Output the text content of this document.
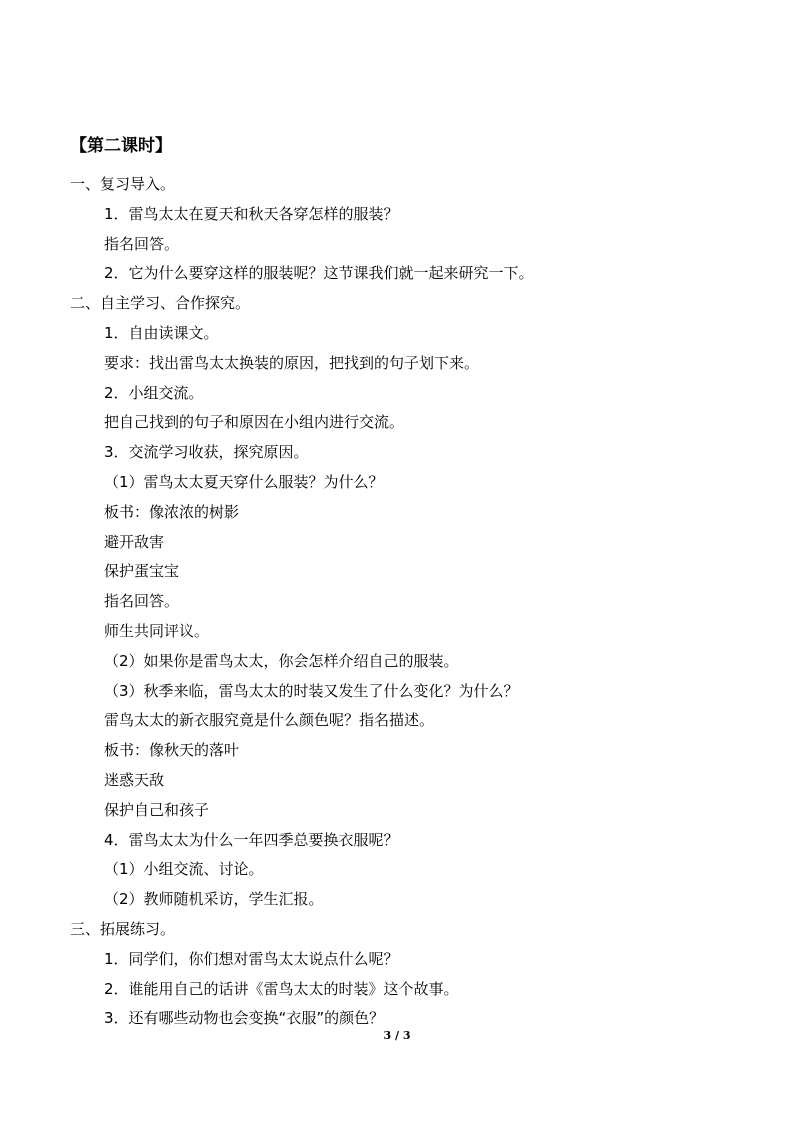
【第二课时】
一、复习导入。
1．雷鸟太太在夏天和秋天各穿怎样的服装？
指名回答。
2．它为什么要穿这样的服装呢？这节课我们就一起来研究一下。
二、自主学习、合作探究。
1．自由读课文。
要求：找出雷鸟太太换装的原因，把找到的句子划下来。
2．小组交流。
把自己找到的句子和原因在小组内进行交流。
3．交流学习收获，探究原因。
（1）雷鸟太太夏天穿什么服装？为什么？
板书：像浓浓的树影
避开敌害
保护蛋宝宝
指名回答。
师生共同评议。
（2）如果你是雷鸟太太，你会怎样介绍自己的服装。
（3）秋季来临，雷鸟太太的时装又发生了什么变化？为什么？
雷鸟太太的新衣服究竟是什么颜色呢？指名描述。
板书：像秋天的落叶
迷惑天敌
保护自己和孩子
4．雷鸟太太为什么一年四季总要换衣服呢？
（1）小组交流、讨论。
（2）教师随机采访，学生汇报。
三、拓展练习。
1．同学们，你们想对雷鸟太太说点什么呢？
2．谁能用自己的话讲《雷鸟太太的时装》这个故事。
3．还有哪些动物也会变换“衣服”的颜色？
3 / 3
